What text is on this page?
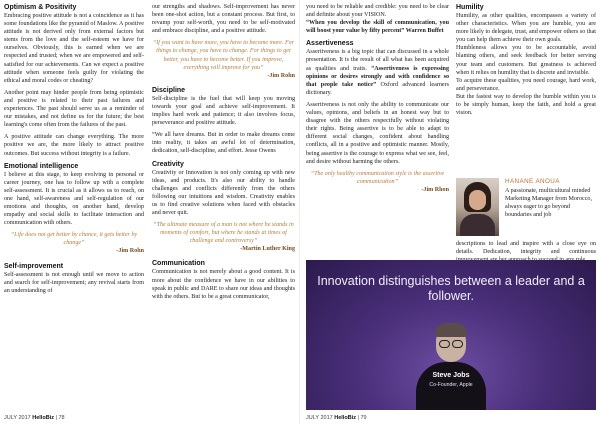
Optimism & Positivity

Embracing positive attitude is not a coincidence as it has some foundations like the pyramid of Maslow. A positive attitude is not derived only from external factors but stems from the love and the self-esteem we have for ourselves. Obviously, this is earned when we are respected and trusted; when we are empowered and self-satisfied for our achievements. Can we expect a positive attitude when someone feels guilty for violating the ethical and moral codes or cheating?

Another point may hinder people from being optimistic and positive is related to their past failures and experiences. The past should serve us as a reminder of our mistakes, and not define us for the future; the best learning's come often from the failures of the past.

A positive attitude can change everything. The more positive we are, the more likely to attract positive outcomes. But success without integrity is a failure.

Emotional intelligence

I believe at this stage, to keep evolving in personal or career journey, one has to follow up with a complete self-assessment. It is crucial as it allows us to reach, on one hand, self-awareness and self-regulation of our emotions and thoughts, on another hand, develop empathy and social skills to facilitate interaction and communication with others.

“Life does not get better by chance, it gets better by change”
-Jim Rohn
Self-improvement

Self-assessment is not enough until we move to action and search for self-improvement; any revival starts from an understanding of

our strengths and shadows. Self-improvement has never been one-shot action, but a constant process. But first, to revamp your self-worth, you need to be self-motivated and embrace discipline, and a positive attitude.

“If you want to have more, you have to become more. For things to change, you have to change. For things to get better, you have to become better. If you improve, everything will improve for you”
-Jim Rohn
Discipline

Self-discipline is the fuel that will keep you moving towards your goal and achieve self-improvement. It implies hard work and patience; it also involves focus, perseverance and positive attitude.

“We all have dreams. But in order to make dreams come into reality, it takes an awful lot of determination, dedication, self-discipline, and effort. Jesse Owens

Creativity

Creativity or Innovation is not only coming up with new ideas, and products. It's also our ability to handle challenges and conflicts differently from the others following our intuitions and wisdom. Creativity enables us to find creative solutions when faced with obstacles and never quit.

“The ultimate measure of a man is not where he stands in moments of comfort, but where he stands at times of challenge and controversy”
-Martin Luther King
Communication

Communication is not merely about a good content. It is more about the confidence we have in our abilities to speak in public and DARE to share our ideas and thoughts with the others. But to be a great communicator,

JULY 2017 HelloBiz | 78

you need to be reliable and credible: you need to be clear and definite about your VISION.

“When you develop the skill of communication, you will boost your value by fifty percent” Warren Buffet

Assertiveness

Assertiveness is a big topic that can discussed in a whole presentation. It is the result of all what has been acquired as qualities and traits. “Assertiveness is expressing opinions or desires strongly and with confidence so that people take notice” Oxford advanced learners dictionary.

Assertiveness is not only the ability to communicate our values, opinions, and beliefs in an honest way but to disagree with the others respectfully without violating their rights. Being assertive is to be able to adapt to different social changes, confident about handling conflicts, all in a positive and optimistic manner. Mostly, being assertive is the courage to express what we see, feel, and desire without harming the others.

“The only healthy communication style is the assertive communication”
-Jim Rhon
Humility

Humility, as other qualities, encompasses a variety of other characteristics. When you are humble, you are more likely to delegate, trust, and empower others so that you can help them achieve their own goals.

Humbleness allows you to be accountable, avoid blaming others, and seek feedback for better serving your team and customers. But greatness is achieved when it relies on humility that is discrete and invisible.

To acquire these qualities, you need courage, hard work, and perseverance.

But the fastest way to develop the humble within you is to be simply human, keep the faith, and hold a great vision.

HANANE ANOUA
A passionate, multicultural minded Marketing Manager from Morocco, always eager to go beyond boundaries and job
descriptions to lead and inspire with a close eye on details. Dedication, integrity and continuous
Innovation distinguishes between a leader and a follower.
Steve Jobs
Co-Founder, Apple
JULY 2017 HelloBiz | 79
